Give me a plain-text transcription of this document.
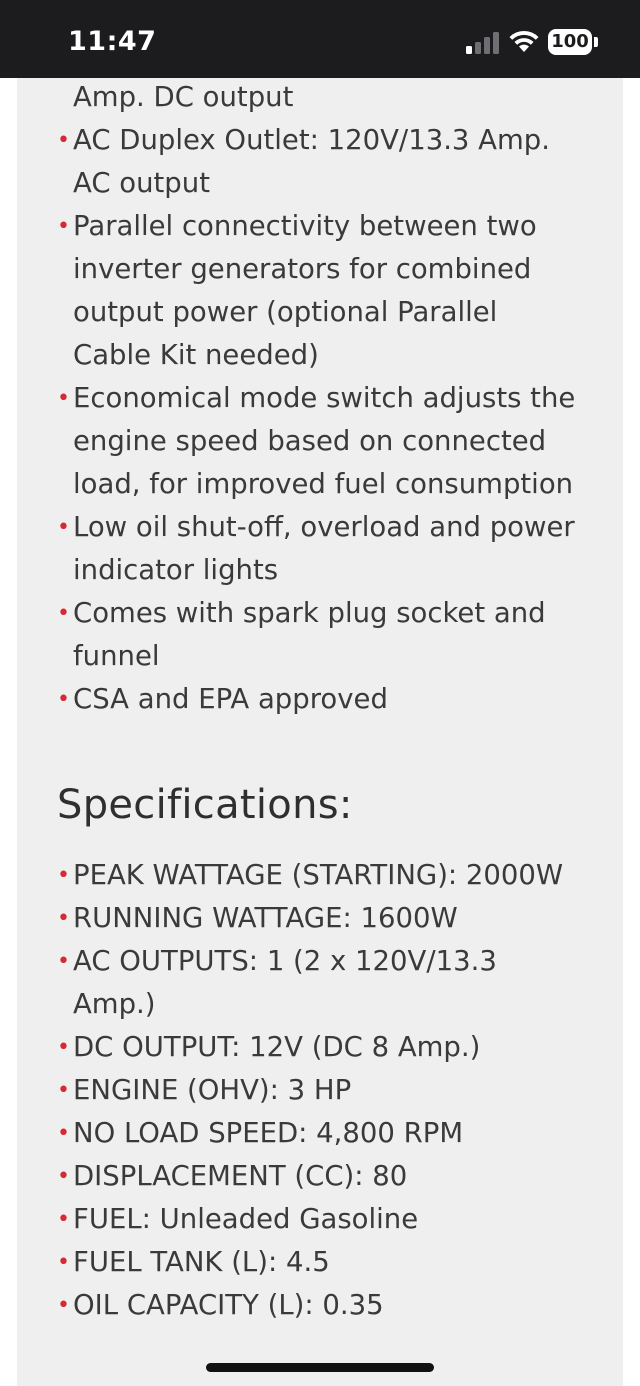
11:47	100
Amp. DC output
• AC Duplex Outlet: 120V/13.3 Amp. AC output
• Parallel connectivity between two inverter generators for combined output power (optional Parallel Cable Kit needed)
• Economical mode switch adjusts the engine speed based on connected load, for improved fuel consumption
• Low oil shut-off, overload and power indicator lights
• Comes with spark plug socket and funnel
• CSA and EPA approved
Specifications:
• PEAK WATTAGE (STARTING): 2000W
• RUNNING WATTAGE: 1600W
• AC OUTPUTS: 1 (2 x 120V/13.3 Amp.)
• DC OUTPUT: 12V (DC 8 Amp.)
• ENGINE (OHV): 3 HP
• NO LOAD SPEED: 4,800 RPM
• DISPLACEMENT (CC): 80
• FUEL: Unleaded Gasoline
• FUEL TANK (L): 4.5
• OIL CAPACITY (L): 0.35
